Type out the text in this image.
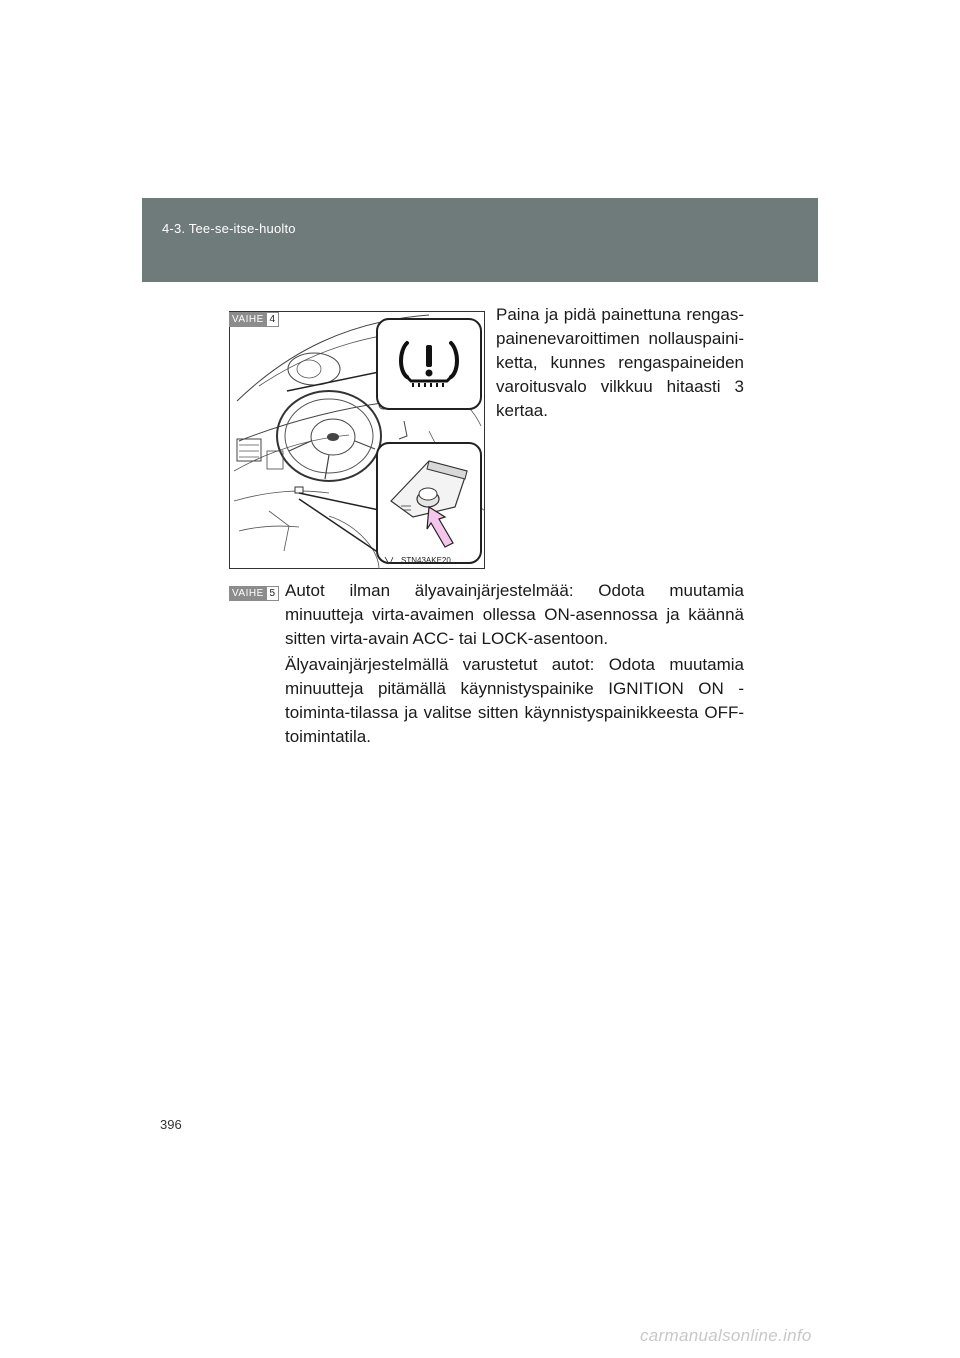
4-3. Tee-se-itse-huolto
STN43AKE20
VAIHE 4	Paina ja pidä painettuna rengas-painenevaroittimen nollauspaini-ketta, kunnes rengaspaineiden varoitusvalo vilkkuu hitaasti 3 kertaa.

VAIHE 5 Autot ilman älyavainjärjestelmää: Odota muutamia minuutteja virta-avaimen ollessa ON-asennossa ja käännä sitten virta-avain ACC- tai LOCK-asentoon.

Älyavainjärjestelmällä varustetut autot: Odota muutamia minuutteja pitämällä käynnistyspainike IGNITION ON -toiminta-tilassa ja valitse sitten käynnistyspainikkeesta OFF-toimintatila.

396
carmanualsonline.info
